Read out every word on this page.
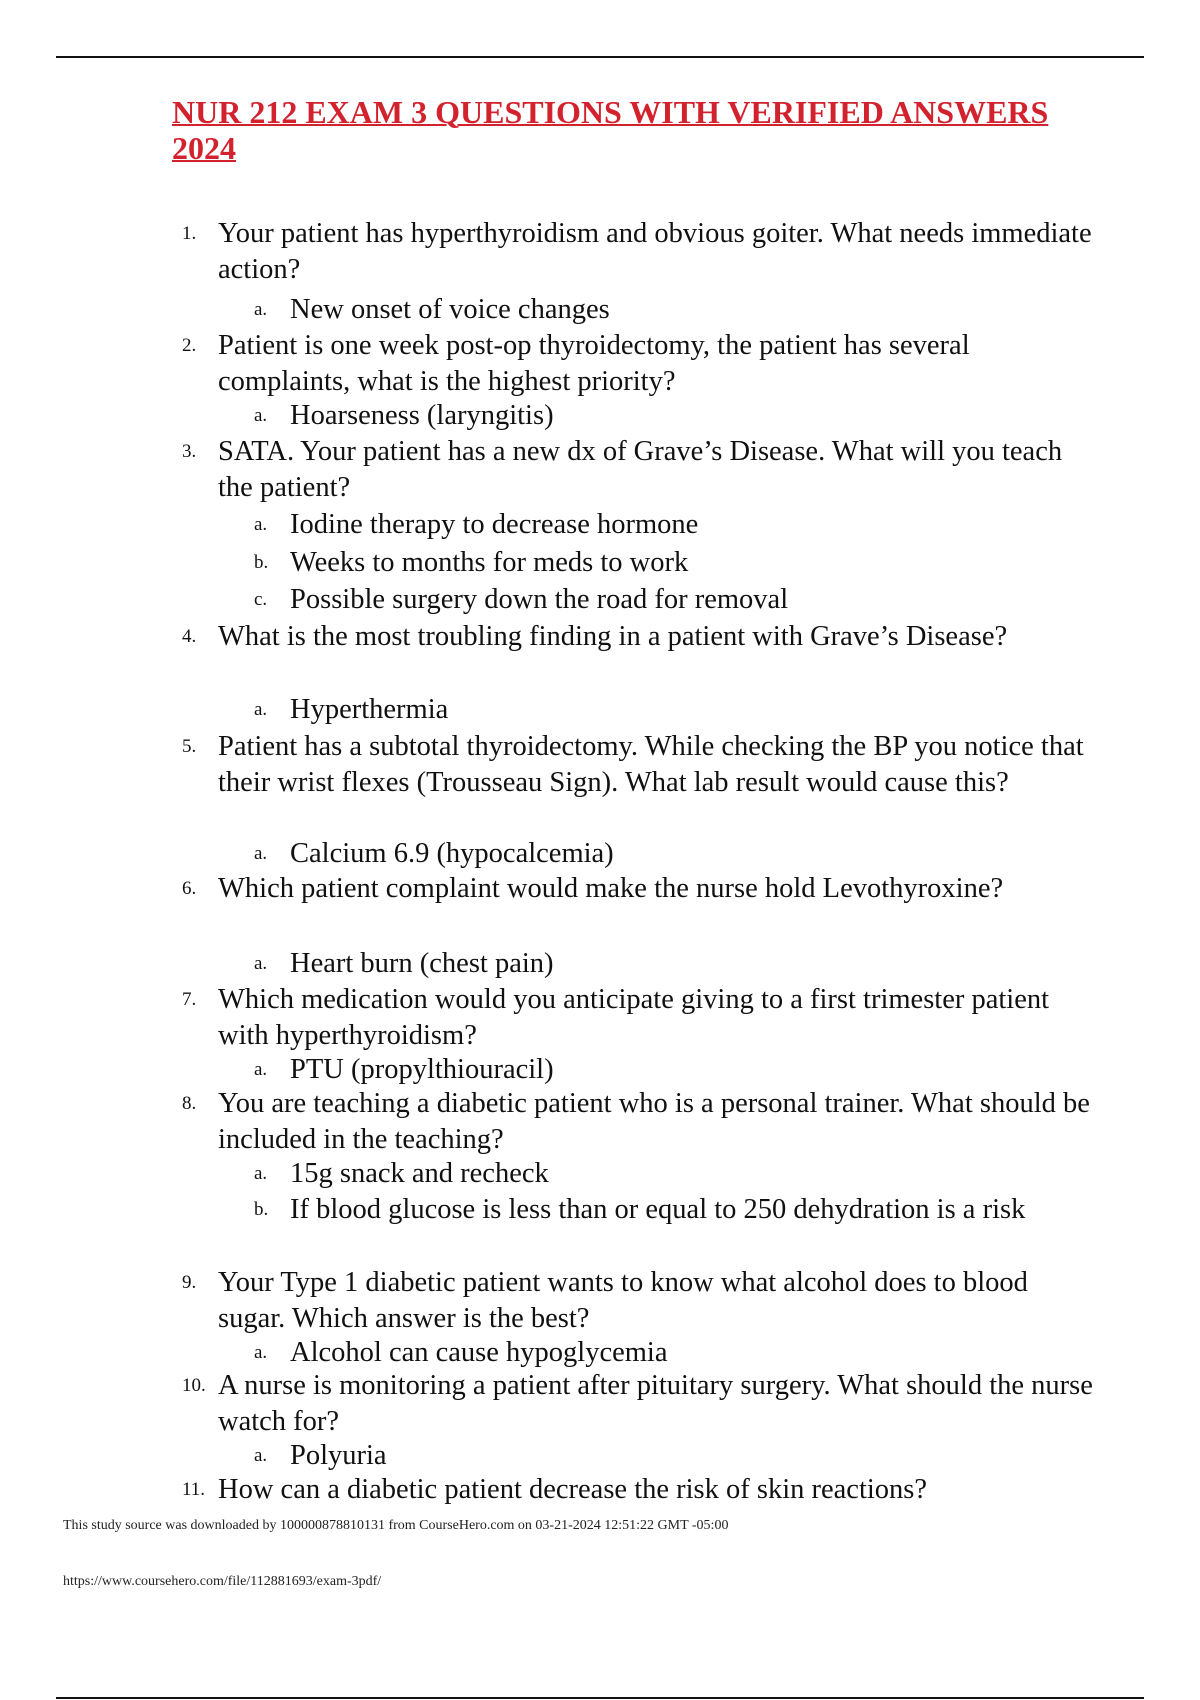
NUR 212 EXAM 3 QUESTIONS WITH VERIFIED ANSWERS 2024
1. Your patient has hyperthyroidism and obvious goiter. What needs immediate action?
a. New onset of voice changes
2. Patient is one week post-op thyroidectomy, the patient has several complaints, what is the highest priority?
a. Hoarseness (laryngitis)
3. SATA. Your patient has a new dx of Grave’s Disease. What will you teach the patient?
a. Iodine therapy to decrease hormone
b. Weeks to months for meds to work
c. Possible surgery down the road for removal
4. What is the most troubling finding in a patient with Grave’s Disease?
a. Hyperthermia
5. Patient has a subtotal thyroidectomy. While checking the BP you notice that their wrist flexes (Trousseau Sign). What lab result would cause this?
a. Calcium 6.9 (hypocalcemia)
6. Which patient complaint would make the nurse hold Levothyroxine?
a. Heart burn (chest pain)
7. Which medication would you anticipate giving to a first trimester patient with hyperthyroidism?
a. PTU (propylthiouracil)
8. You are teaching a diabetic patient who is a personal trainer. What should be included in the teaching?
a. 15g snack and recheck
b. If blood glucose is less than or equal to 250 dehydration is a risk
9. Your Type 1 diabetic patient wants to know what alcohol does to blood sugar. Which answer is the best?
a. Alcohol can cause hypoglycemia
10. A nurse is monitoring a patient after pituitary surgery. What should the nurse watch for?
a. Polyuria
11. How can a diabetic patient decrease the risk of skin reactions?
This study source was downloaded by 100000878810131 from CourseHero.com on 03-21-2024 12:51:22 GMT -05:00
https://www.coursehero.com/file/112881693/exam-3pdf/
